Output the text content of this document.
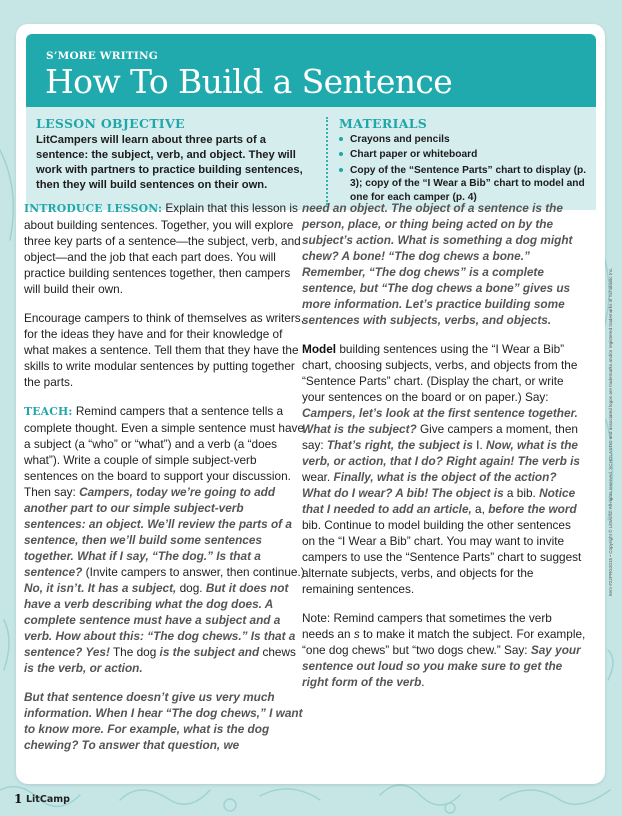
S’MORE WRITING
How To Build a Sentence
LESSON OBJECTIVE
LitCampers will learn about three parts of a sentence: the subject, verb, and object. They will work with partners to practice building sentences, then they will build sentences on their own.
MATERIALS
Crayons and pencils
Chart paper or whiteboard
Copy of the “Sentence Parts” chart to display (p. 3); copy of the “I Wear a Bib” chart to model and one for each camper (p. 4)

INTRODUCE LESSON: Explain that this lesson is about building sentences. Together, you will explore three key parts of a sentence—the subject, verb, and object—and the job that each part does. You will practice building sentences together, then campers will build their own.

Encourage campers to think of themselves as writers, for the ideas they have and for their knowledge of what makes a sentence. Tell them that they have the skills to write modular sentences by putting together the parts.

TEACH: Remind campers that a sentence tells a complete thought. Even a simple sentence must have a subject (a “who” or “what”) and a verb (a “does what”). Write a couple of simple subject-verb sentences on the board to support your discussion. Then say: Campers, today we’re going to add another part to our simple subject-verb sentences: an object. We’ll review the parts of a sentence, then we’ll build some sentences together. What if I say, “The dog.” Is that a sentence? (Invite campers to answer, then continue.) No, it isn’t. It has a subject, dog. But it does not have a verb describing what the dog does. A complete sentence must have a subject and a verb. How about this: “The dog chews.” Is that a sentence? Yes! The dog is the subject and chews is the verb, or action.

But that sentence doesn’t give us very much information. When I hear “The dog chews,” I want to know more. For example, what is the dog chewing? To answer that question, we

need an object. The object of a sentence is the person, place, or thing being acted on by the subject’s action. What is something a dog might chew? A bone! “The dog chews a bone.” Remember, “The dog chews” is a complete sentence, but “The dog chews a bone” gives us more information. Let’s practice building some sentences with subjects, verbs, and objects.

Model building sentences using the “I Wear a Bib” chart, choosing subjects, verbs, and objects from the “Sentence Parts” chart. (Display the chart, or write your sentences on the board or on paper.) Say: Campers, let’s look at the first sentence together. What is the subject? Give campers a moment, then say: That’s right, the subject is I. Now, what is the verb, or action, that I do? Right again! The verb is wear. Finally, what is the object of the action? What do I wear? A bib! The object is a bib. Notice that I needed to add an article, a, before the word bib. Continue to model building the other sentences on the “I Wear a Bib” chart. You may want to invite campers to use the “Sentence Parts” chart to suggest alternate subjects, verbs, and objects for the remaining sentences.

Note: Remind campers that sometimes the verb needs an s to make it match the subject. For example, “one dog chews” but “two dogs chew.” Say: Say your sentence out loud so you make sure to get the right form of the verb.

1 LitCamp
Item #22PRG2015 • Copyright © LitWorld. All rights reserved. SCHOLASTIC and associated logos are trademarks and/or registered trademarks of Scholastic Inc.
